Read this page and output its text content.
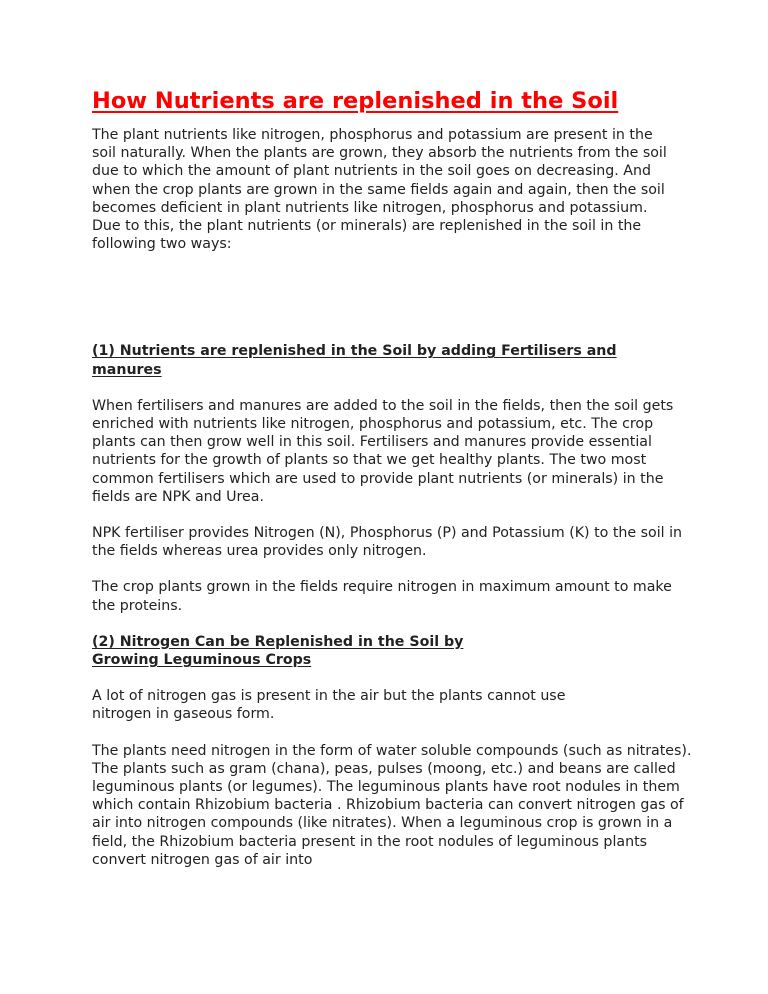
How Nutrients are replenished in the Soil

The plant nutrients like nitrogen, phosphorus and potassium are present in the soil naturally. When the plants are grown, they absorb the nutrients from the soil due to which the amount of plant nutrients in the soil goes on decreasing. And when the crop plants are grown in the same fields again and again, then the soil becomes deficient in plant nutrients like nitrogen, phosphorus and potassium. Due to this, the plant nutrients (or minerals) are replenished in the soil in the following two ways:

(1) Nutrients are replenished in the Soil by adding Fertilisers and manures

When fertilisers and manures are added to the soil in the fields, then the soil gets enriched with nutrients like nitrogen, phosphorus and potassium, etc. The crop plants can then grow well in this soil. Fertilisers and manures provide essential nutrients for the growth of plants so that we get healthy plants. The two most common fertilisers which are used to provide plant nutrients (or minerals) in the fields are NPK and Urea.

NPK fertiliser provides Nitrogen (N), Phosphorus (P) and Potassium (K) to the soil in the fields whereas urea provides only nitrogen.

The crop plants grown in the fields require nitrogen in maximum amount to make the proteins.

(2) Nitrogen Can be Replenished in the Soil by Growing Leguminous Crops

A lot of nitrogen gas is present in the air but the plants cannot use nitrogen in gaseous form.

The plants need nitrogen in the form of water soluble compounds (such as nitrates). The plants such as gram (chana), peas, pulses (moong, etc.) and beans are called leguminous plants (or legumes). The leguminous plants have root nodules in them which contain Rhizobium bacteria . Rhizobium bacteria can convert nitrogen gas of air into nitrogen compounds (like nitrates). When a leguminous crop is grown in a field, the Rhizobium bacteria present in the root nodules of leguminous plants convert nitrogen gas of air into
